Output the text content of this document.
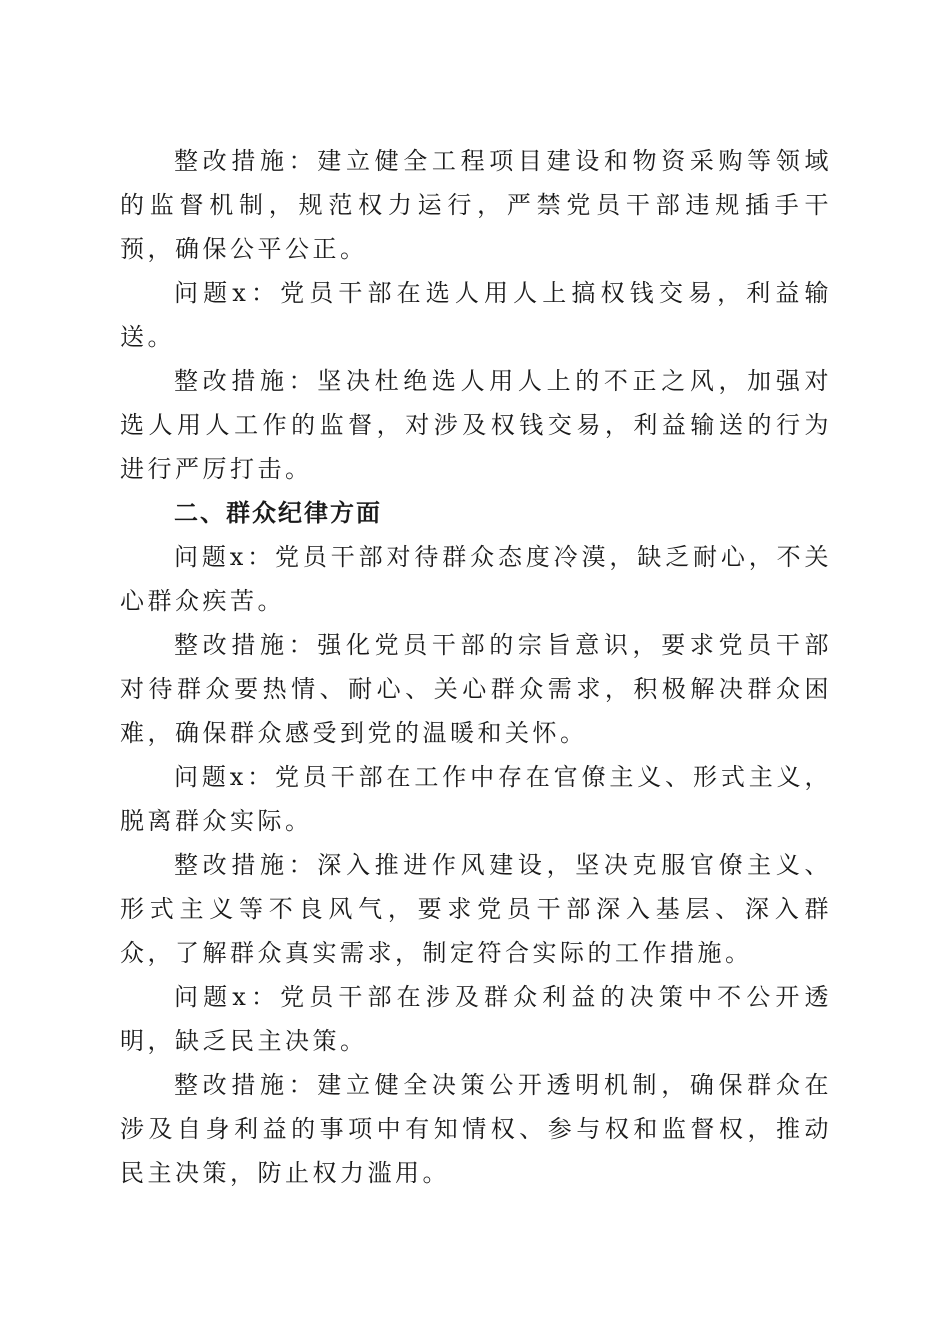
整改措施：建立健全工程项目建设和物资采购等领域的监督机制，规范权力运行，严禁党员干部违规插手干预，确保公平公正。

问题x：党员干部在选人用人上搞权钱交易，利益输送。

整改措施：坚决杜绝选人用人上的不正之风，加强对选人用人工作的监督，对涉及权钱交易，利益输送的行为进行严厉打击。

二、群众纪律方面

问题x：党员干部对待群众态度冷漠，缺乏耐心，不关心群众疾苦。

整改措施：强化党员干部的宗旨意识，要求党员干部对待群众要热情、耐心、关心群众需求，积极解决群众困难，确保群众感受到党的温暖和关怀。

问题x：党员干部在工作中存在官僚主义、形式主义，脱离群众实际。

整改措施：深入推进作风建设，坚决克服官僚主义、形式主义等不良风气，要求党员干部深入基层、深入群众，了解群众真实需求，制定符合实际的工作措施。

问题x：党员干部在涉及群众利益的决策中不公开透明，缺乏民主决策。

整改措施：建立健全决策公开透明机制，确保群众在涉及自身利益的事项中有知情权、参与权和监督权，推动民主决策，防止权力滥用。
